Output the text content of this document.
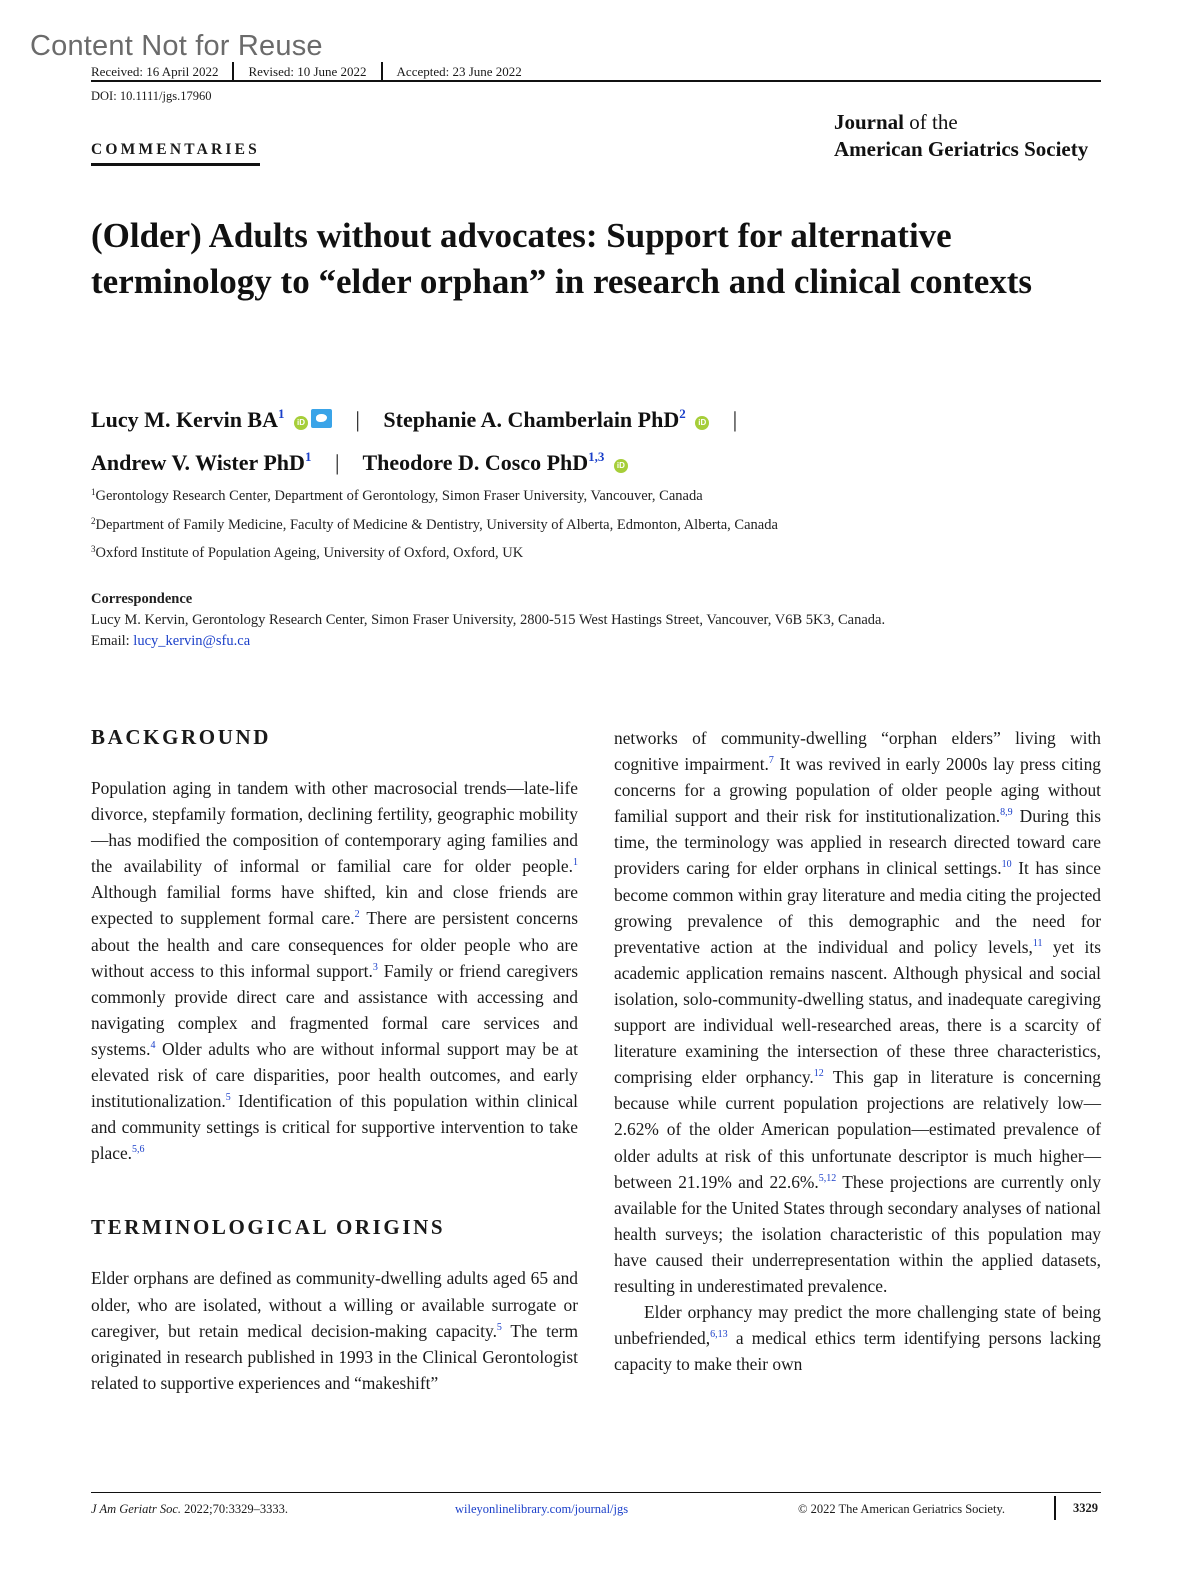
Content Not for Reuse
Received: 16 April 2022	Revised: 10 June 2022	Accepted: 23 June 2022
DOI: 10.1111/jgs.17960
Journal of the
American Geriatrics Society
COMMENTARIES
(Older) Adults without advocates: Support for alternative terminology to “elder orphan” in research and clinical contexts
Lucy M. Kervin $BA^1$ iD | Stephanie A. Chamberlain PhD$^2$ iD |
Andrew V. Wister PhD$^1$ | Theodore D. Cosco PhD$^{1,3}$ iD
$^1$Gerontology Research Center, Department of Gerontology, Simon Fraser University, Vancouver, Canada
$^2$Department of Family Medicine, Faculty of Medicine & Dentistry, University of Alberta, Edmonton, Alberta, Canada
$^3$Oxford Institute of Population Ageing, University of Oxford, Oxford, UK
Correspondence
Lucy M. Kervin, Gerontology Research Center, Simon Fraser University, 2800-515 West Hastings Street, Vancouver, V6B 5K3, Canada.
Email: lucy_kervin@sfu.ca
BACKGROUND

Population aging in tandem with other macrosocial trends—late-life divorce, stepfamily formation, declining fertility, geographic mobility—has modified the composition of contemporary aging families and the availability of informal or familial care for older people.$^1$ Although familial forms have shifted, kin and close friends are expected to supplement formal care.$^2$ There are persistent concerns about the health and care consequences for older people who are without access to this informal support.$^3$ Family or friend caregivers commonly provide direct care and assistance with accessing and navigating complex and fragmented formal care services and systems.$^4$ Older adults who are without informal support may be at elevated risk of care disparities, poor health outcomes, and early institutionalization.$^5$ Identification of this population within clinical and community settings is critical for supportive intervention to take place.$^{5,6}$

TERMINOLOGICAL ORIGINS

Elder orphans are defined as community-dwelling adults aged 65 and older, who are isolated, without a willing or available surrogate or caregiver, but retain medical decision-making capacity.$^5$ The term originated in research published in 1993 in the Clinical Gerontologist related to supportive experiences and “makeshift”

networks of community-dwelling “orphan elders” living with cognitive impairment.$^7$ It was revived in early 2000s lay press citing concerns for a growing population of older people aging without familial support and their risk for institutionalization.$^{8,9}$ During this time, the terminology was applied in research directed toward care providers caring for elder orphans in clinical settings.$^{10}$ It has since become common within gray literature and media citing the projected growing prevalence of this demographic and the need for preventative action at the individual and policy levels,$^{11}$ yet its academic application remains nascent. Although physical and social isolation, solo-community-dwelling status, and inadequate caregiving support are individual well-researched areas, there is a scarcity of literature examining the intersection of these three characteristics, comprising elder orphancy.$^{12}$ This gap in literature is concerning because while current population projections are relatively low—2.62% of the older American population—estimated prevalence of older adults at risk of this unfortunate descriptor is much higher—between 21.19% and 22.6%.$^{5,12}$ These projections are currently only available for the United States through secondary analyses of national health surveys; the isolation characteristic of this population may have caused their underrepresentation within the applied datasets, resulting in underestimated prevalence.

Elder orphancy may predict the more challenging state of being unbefriended,$^{6,13}$ a medical ethics term identifying persons lacking capacity to make their own

J Am Geriatr Soc. 2022;70:3329–3333.	wileyonlinelibrary.com/journal/jgs	© 2022 The American Geriatrics Society.	3329
